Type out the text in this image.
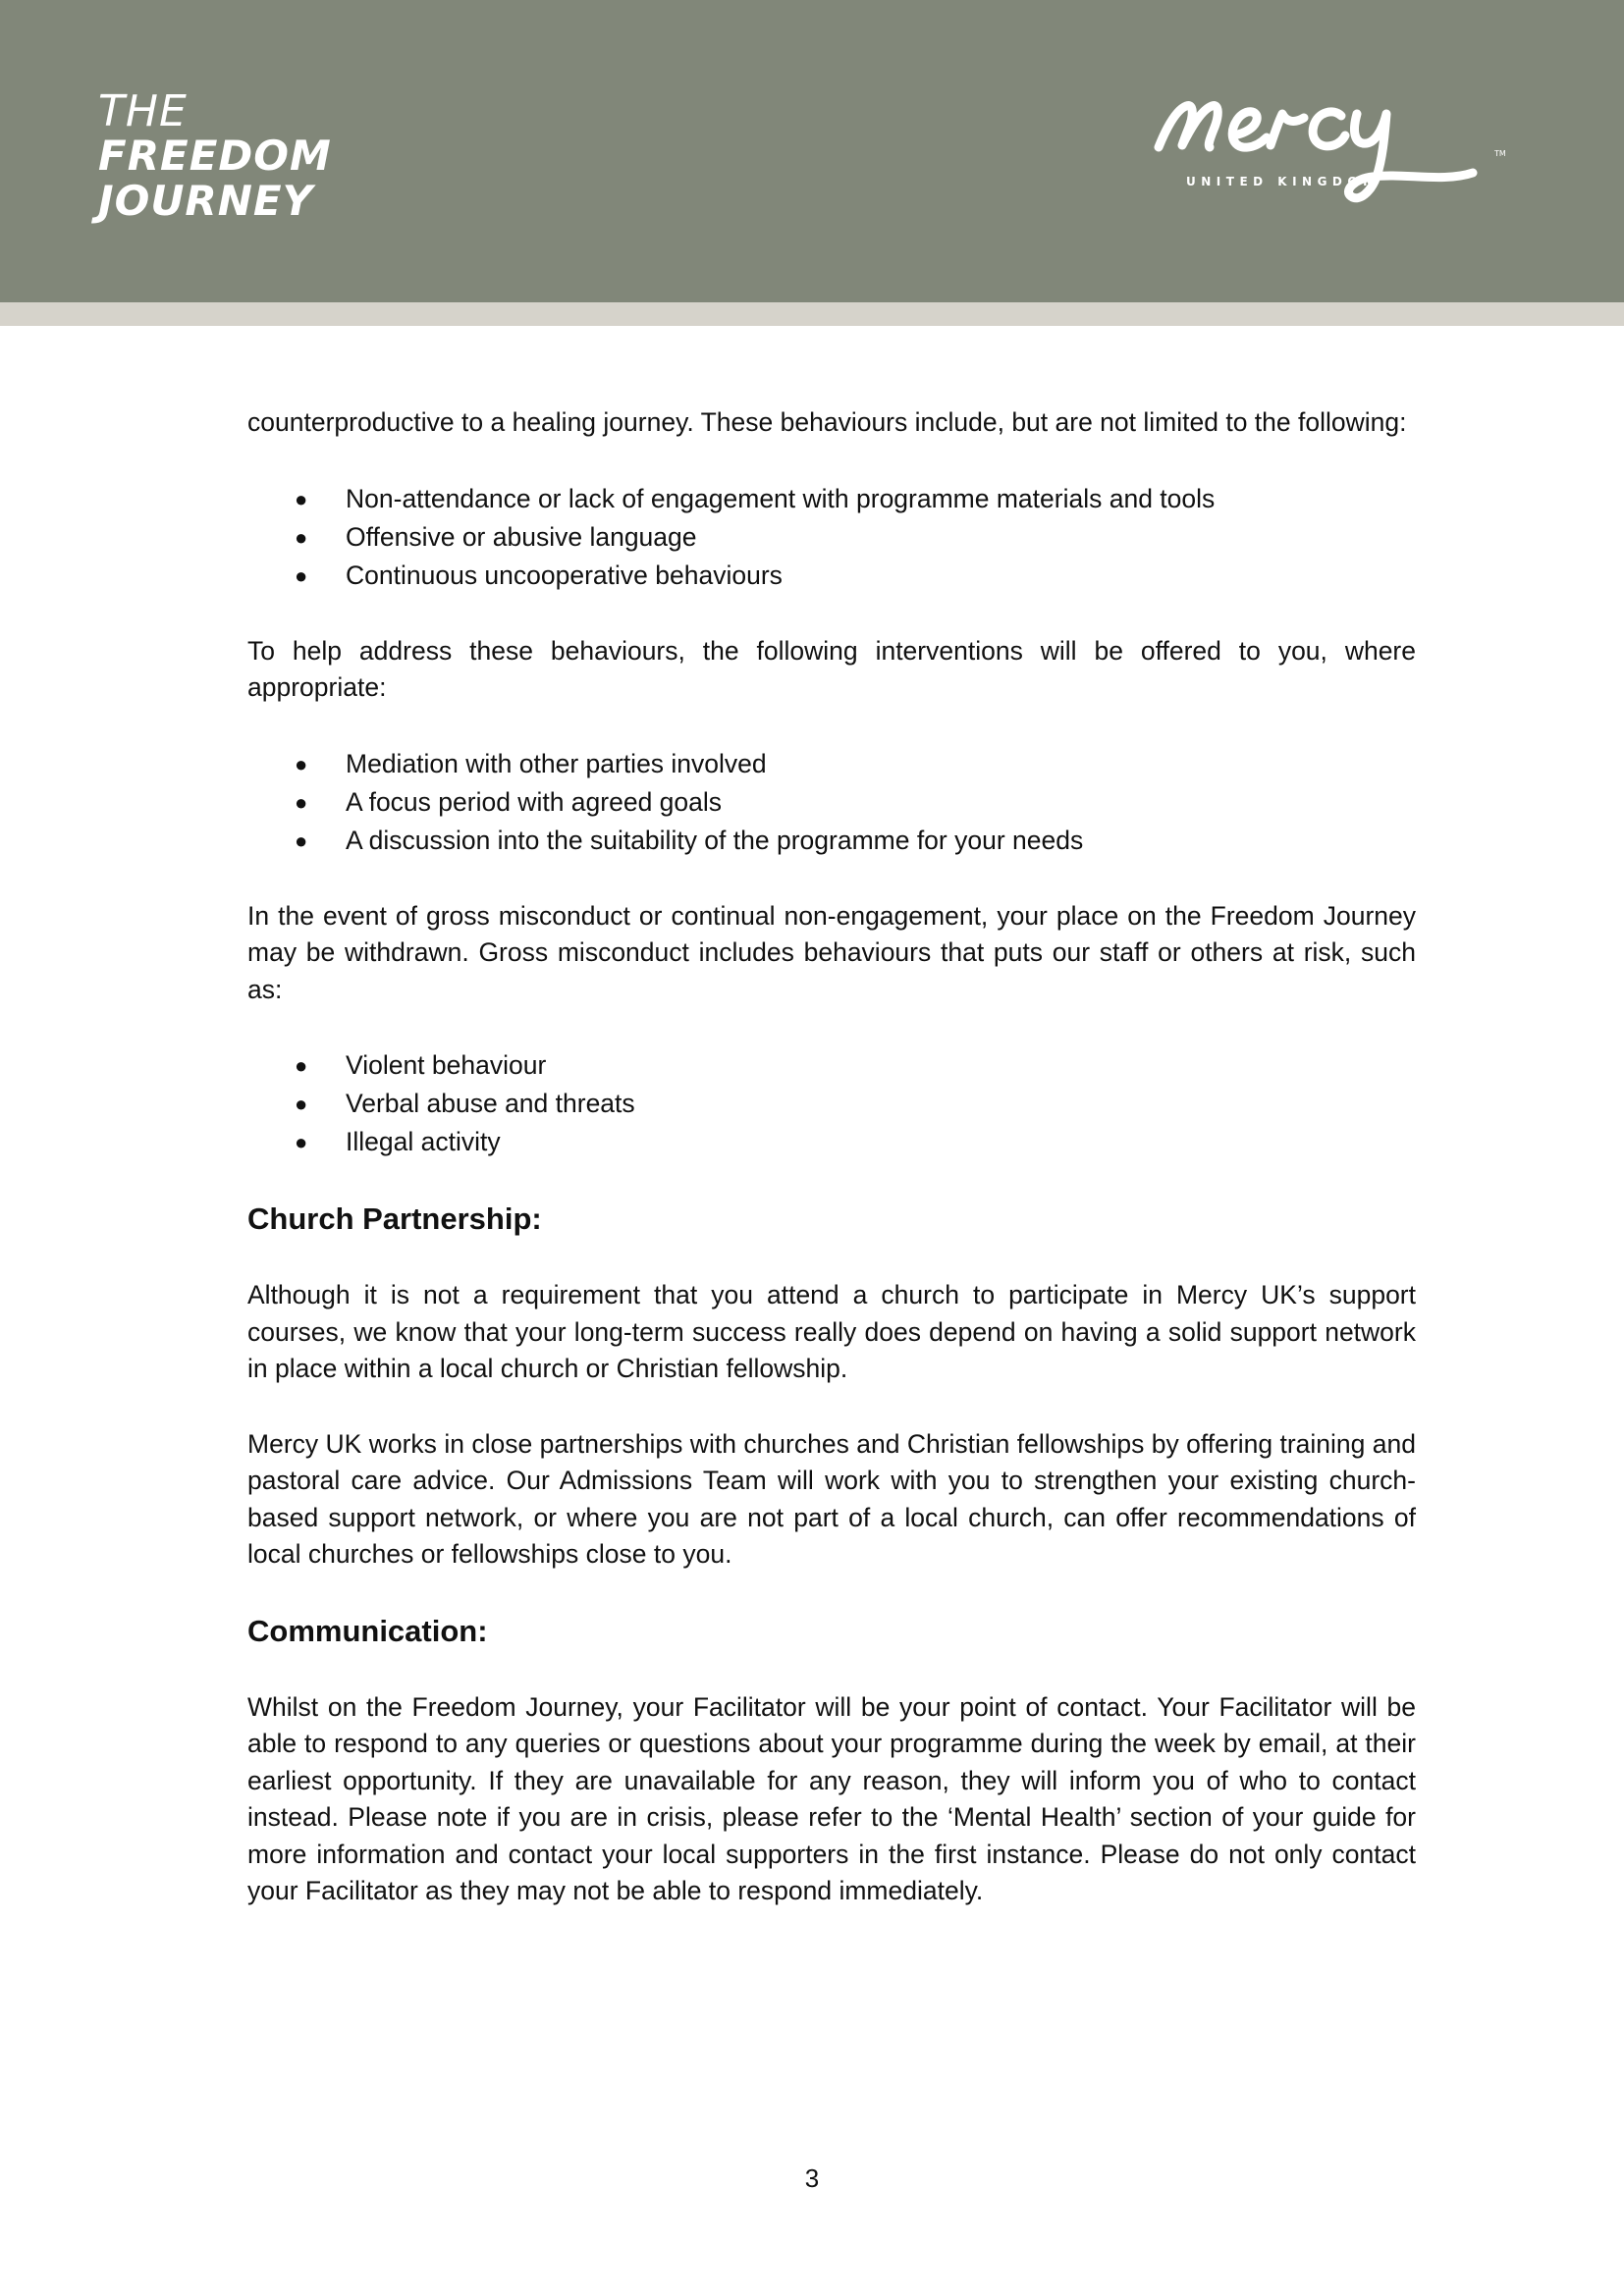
THE
FREEDOM
JOURNEY	UNITED KINGDOM
TM

counterproductive to a healing journey. These behaviours include, but are not limited to the following:

● Non-attendance or lack of engagement with programme materials and tools
● Offensive or abusive language
● Continuous uncooperative behaviours

To help address these behaviours, the following interventions will be offered to you, where appropriate:

● Mediation with other parties involved
● A focus period with agreed goals
● A discussion into the suitability of the programme for your needs

In the event of gross misconduct or continual non-engagement, your place on the Freedom Journey may be withdrawn. Gross misconduct includes behaviours that puts our staff or others at risk, such as:

● Violent behaviour
● Verbal abuse and threats
● Illegal activity
Church Partnership:

Although it is not a requirement that you attend a church to participate in Mercy UK’s support courses, we know that your long-term success really does depend on having a solid support network in place within a local church or Christian fellowship.

Mercy UK works in close partnerships with churches and Christian fellowships by offering training and pastoral care advice. Our Admissions Team will work with you to strengthen your existing church-based support network, or where you are not part of a local church, can offer recommendations of local churches or fellowships close to you.

Communication:

Whilst on the Freedom Journey, your Facilitator will be your point of contact. Your Facilitator will be able to respond to any queries or questions about your programme during the week by email, at their earliest opportunity. If they are unavailable for any reason, they will inform you of who to contact instead. Please note if you are in crisis, please refer to the ‘Mental Health’ section of your guide for more information and contact your local supporters in the first instance. Please do not only contact your Facilitator as they may not be able to respond immediately.

3
